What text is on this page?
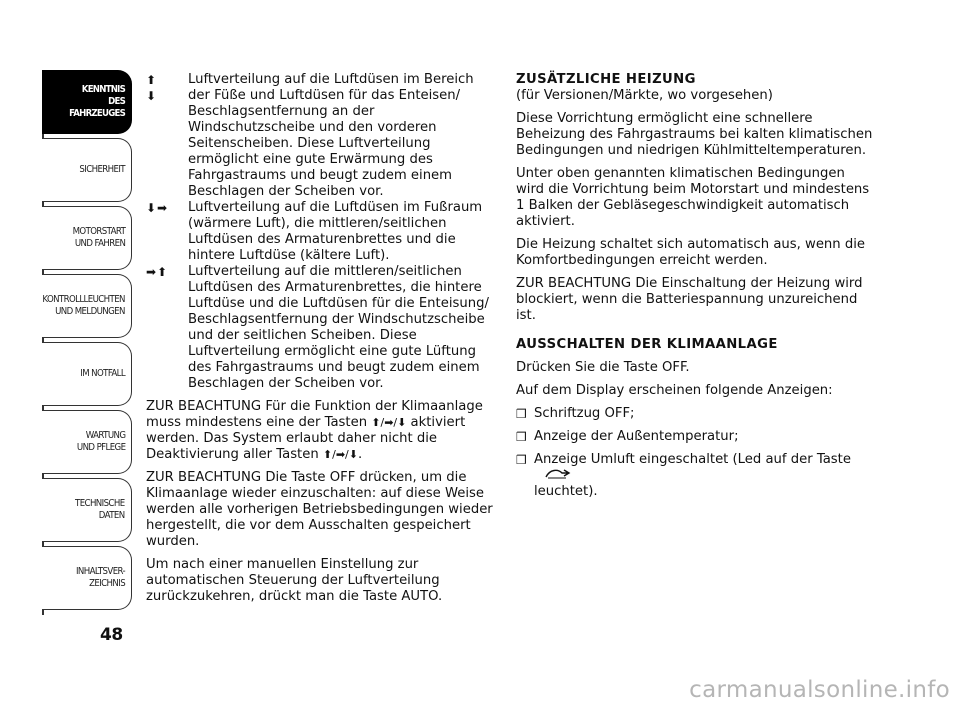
KENNTNIS
DES FAHRZEUGES
SICHERHEIT
MOTORSTART
UND FAHREN
KONTROLLLEUCHTEN
UND MELDUNGEN
IM NOTFALL
WARTUNG
UND PFLEGE
TECHNISCHE
DATEN
INHALTSVER-
ZEICHNIS
48
⬆
⬇
Luftverteilung auf die Luftdüsen im Bereich der Füße und Luftdüsen für das Enteisen/ Beschlagsentfernung an der Windschutzscheibe und den vorderen Seitenscheiben. Diese Luftverteilung ermöglicht eine gute Erwärmung des Fahrgastraums und beugt zudem einem Beschlagen der Scheiben vor.
⬇➡	Luftverteilung auf die Luftdüsen im Fußraum (wärmere Luft), die mittleren/seitlichen Luftdüsen des Armaturenbrettes und die hintere Luftdüse (kältere Luft).
➡⬆	Luftverteilung auf die mittleren/seitlichen Luftdüsen des Armaturenbrettes, die hintere Luftdüse und die Luftdüsen für die Enteisung/ Beschlagsentfernung der Windschutzscheibe und der seitlichen Scheiben. Diese Luftverteilung ermöglicht eine gute Lüftung des Fahrgastraums und beugt zudem einem Beschlagen der Scheiben vor.

ZUR BEACHTUNG Für die Funktion der Klimaanlage muss mindestens eine der Tasten ⬆/➡/⬇ aktiviert werden. Das System erlaubt daher nicht die Deaktivierung aller Tasten ⬆/➡/⬇.

ZUR BEACHTUNG Die Taste OFF drücken, um die Klimaanlage wieder einzuschalten: auf diese Weise werden alle vorherigen Betriebsbedingungen wieder hergestellt, die vor dem Ausschalten gespeichert wurden.

Um nach einer manuellen Einstellung zur automatischen Steuerung der Luftverteilung zurückzukehren, drückt man die Taste AUTO.

ZUSÄTZLICHE HEIZUNG

(für Versionen/Märkte, wo vorgesehen)

Diese Vorrichtung ermöglicht eine schnellere Beheizung des Fahrgastraums bei kalten klimatischen Bedingungen und niedrigen Kühlmitteltemperaturen.

Unter oben genannten klimatischen Bedingungen wird die Vorrichtung beim Motorstart und mindestens 1 Balken der Gebläsegeschwindigkeit automatisch aktiviert.

Die Heizung schaltet sich automatisch aus, wenn die Komfortbedingungen erreicht werden.

ZUR BEACHTUNG Die Einschaltung der Heizung wird blockiert, wenn die Batteriespannung unzureichend ist.

AUSSCHALTEN DER KLIMAANLAGE

Drücken Sie die Taste OFF.

Auf dem Display erscheinen folgende Anzeigen:

❒ Schriftzug OFF;
❒ Anzeige der Außentemperatur;
❒ Anzeige Umluft eingeschaltet (Led auf der Taste
leuchtet).
carmanualsonline.info
